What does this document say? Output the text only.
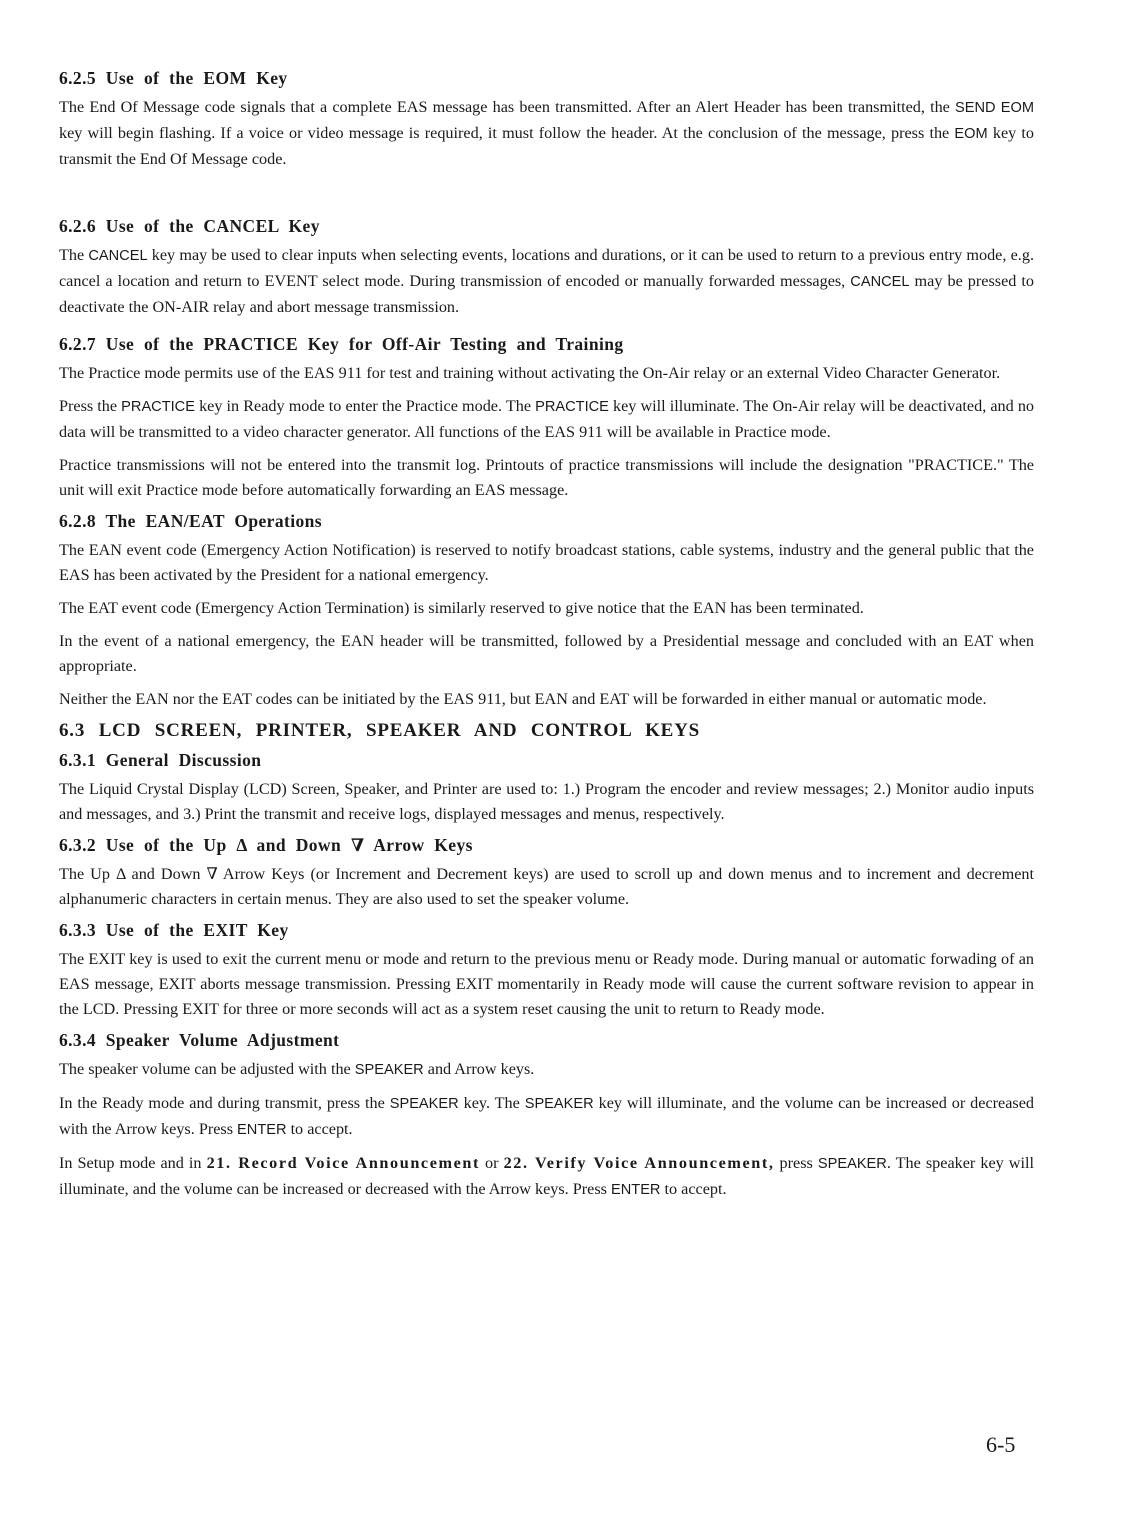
6.2.5 Use of the EOM Key

The End Of Message code signals that a complete EAS message has been transmitted. After an Alert Header has been transmitted, the SEND EOM key will begin flashing. If a voice or video message is required, it must follow the header. At the conclusion of the message, press the EOM key to transmit the End Of Message code.

6.2.6 Use of the CANCEL Key

The CANCEL key may be used to clear inputs when selecting events, locations and durations, or it can be used to return to a previous entry mode, e.g. cancel a location and return to EVENT select mode. During transmission of encoded or manually forwarded messages, CANCEL may be pressed to deactivate the ON-AIR relay and abort message transmission.

6.2.7 Use of the PRACTICE Key for Off-Air Testing and Training

The Practice mode permits use of the EAS 911 for test and training without activating the On-Air relay or an external Video Character Generator.

Press the PRACTICE key in Ready mode to enter the Practice mode. The PRACTICE key will illuminate. The On-Air relay will be deactivated, and no data will be transmitted to a video character generator. All functions of the EAS 911 will be available in Practice mode.

Practice transmissions will not be entered into the transmit log. Printouts of practice transmissions will include the designation "PRACTICE." The unit will exit Practice mode before automatically forwarding an EAS message.

6.2.8 The EAN/EAT Operations

The EAN event code (Emergency Action Notification) is reserved to notify broadcast stations, cable systems, industry and the general public that the EAS has been activated by the President for a national emergency.

The EAT event code (Emergency Action Termination) is similarly reserved to give notice that the EAN has been terminated.

In the event of a national emergency, the EAN header will be transmitted, followed by a Presidential message and concluded with an EAT when appropriate.

Neither the EAN nor the EAT codes can be initiated by the EAS 911, but EAN and EAT will be forwarded in either manual or automatic mode.

6.3 LCD SCREEN, PRINTER, SPEAKER AND CONTROL KEYS
6.3.1 General Discussion

The Liquid Crystal Display (LCD) Screen, Speaker, and Printer are used to: 1.) Program the encoder and review messages; 2.) Monitor audio inputs and messages, and 3.) Print the transmit and receive logs, displayed messages and menus, respectively.

6.3.2 Use of the Up Δ and Down ∇ Arrow Keys

The Up Δ and Down ∇ Arrow Keys (or Increment and Decrement keys) are used to scroll up and down menus and to increment and decrement alphanumeric characters in certain menus. They are also used to set the speaker volume.

6.3.3 Use of the EXIT Key

The EXIT key is used to exit the current menu or mode and return to the previous menu or Ready mode. During manual or automatic forwading of an EAS message, EXIT aborts message transmission. Pressing EXIT momentarily in Ready mode will cause the current software revision to appear in the LCD. Pressing EXIT for three or more seconds will act as a system reset causing the unit to return to Ready mode.

6.3.4 Speaker Volume Adjustment

The speaker volume can be adjusted with the SPEAKER and Arrow keys.

In the Ready mode and during transmit, press the SPEAKER key. The SPEAKER key will illuminate, and the volume can be increased or decreased with the Arrow keys. Press ENTER to accept.

In Setup mode and in 21. Record Voice Announcement or 22. Verify Voice Announcement, press SPEAKER. The speaker key will illuminate, and the volume can be increased or decreased with the Arrow keys. Press ENTER to accept.

6-5
